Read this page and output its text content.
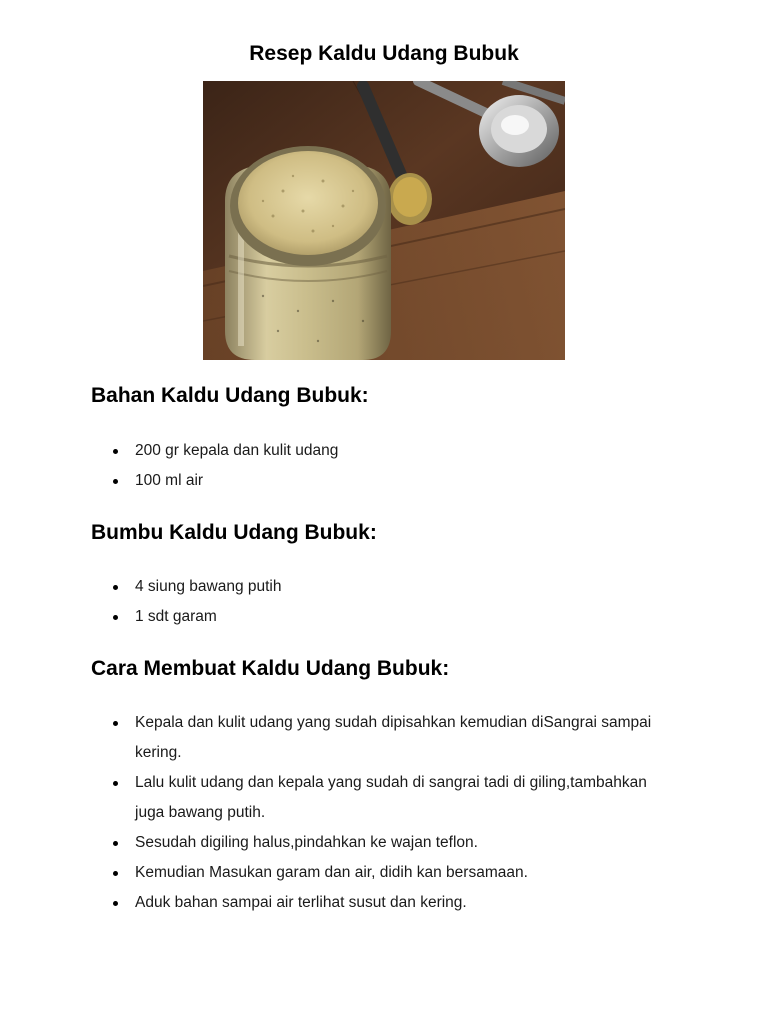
Resep Kaldu Udang Bubuk
Bahan Kaldu Udang Bubuk:
200 gr kepala dan kulit udang
100 ml air
Bumbu Kaldu Udang Bubuk:
4 siung bawang putih
1 sdt garam
Cara Membuat Kaldu Udang Bubuk:
Kepala dan kulit udang yang sudah dipisahkan kemudian diSangrai sampai kering.
Lalu kulit udang dan kepala yang sudah di sangrai tadi di giling,tambahkan juga bawang putih.
Sesudah digiling halus,pindahkan ke wajan teflon.
Kemudian Masukan garam dan air, didih kan bersamaan.
Aduk bahan sampai air terlihat susut dan kering.
